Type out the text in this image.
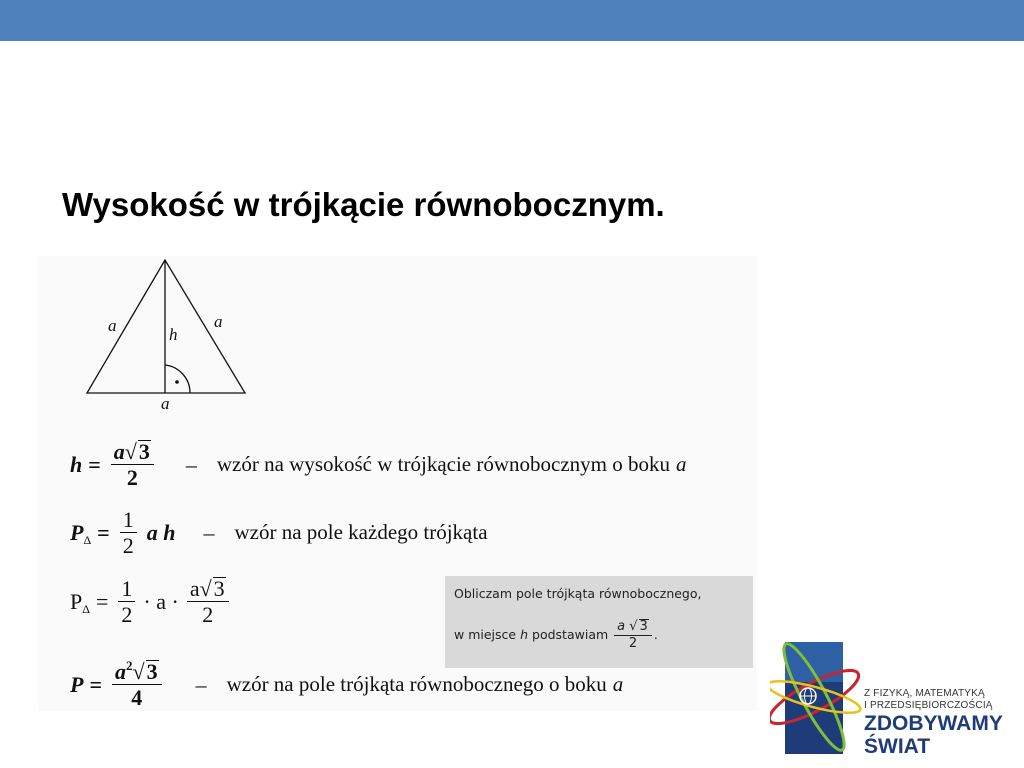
Wysokość w trójkącie równobocznym.
a	a
a
h
$h = \frac{a√3}{2}$ – wzór na wysokość w trójkącie równobocznym o boku a
P $\Delta = \frac{1}{2}$ a h – wzór na pole każdego trójkąta
P $\Delta = \frac{1}{2} \cdot a \cdot \frac{a√3}{2}$
$P = \frac{a^2√3}{4}$ – wzór na pole trójkąta równobocznego o boku a
Obliczam pole trójkąta równobocznego,
w miejsce h podstawiam $\frac{a √ 3}{2}$ .
Z FIZYKĄ, MATEMATYKĄ
I PRZEDSIĘBIORCZOŚCIĄ
ZDOBYWAMY
ŚWIAT
